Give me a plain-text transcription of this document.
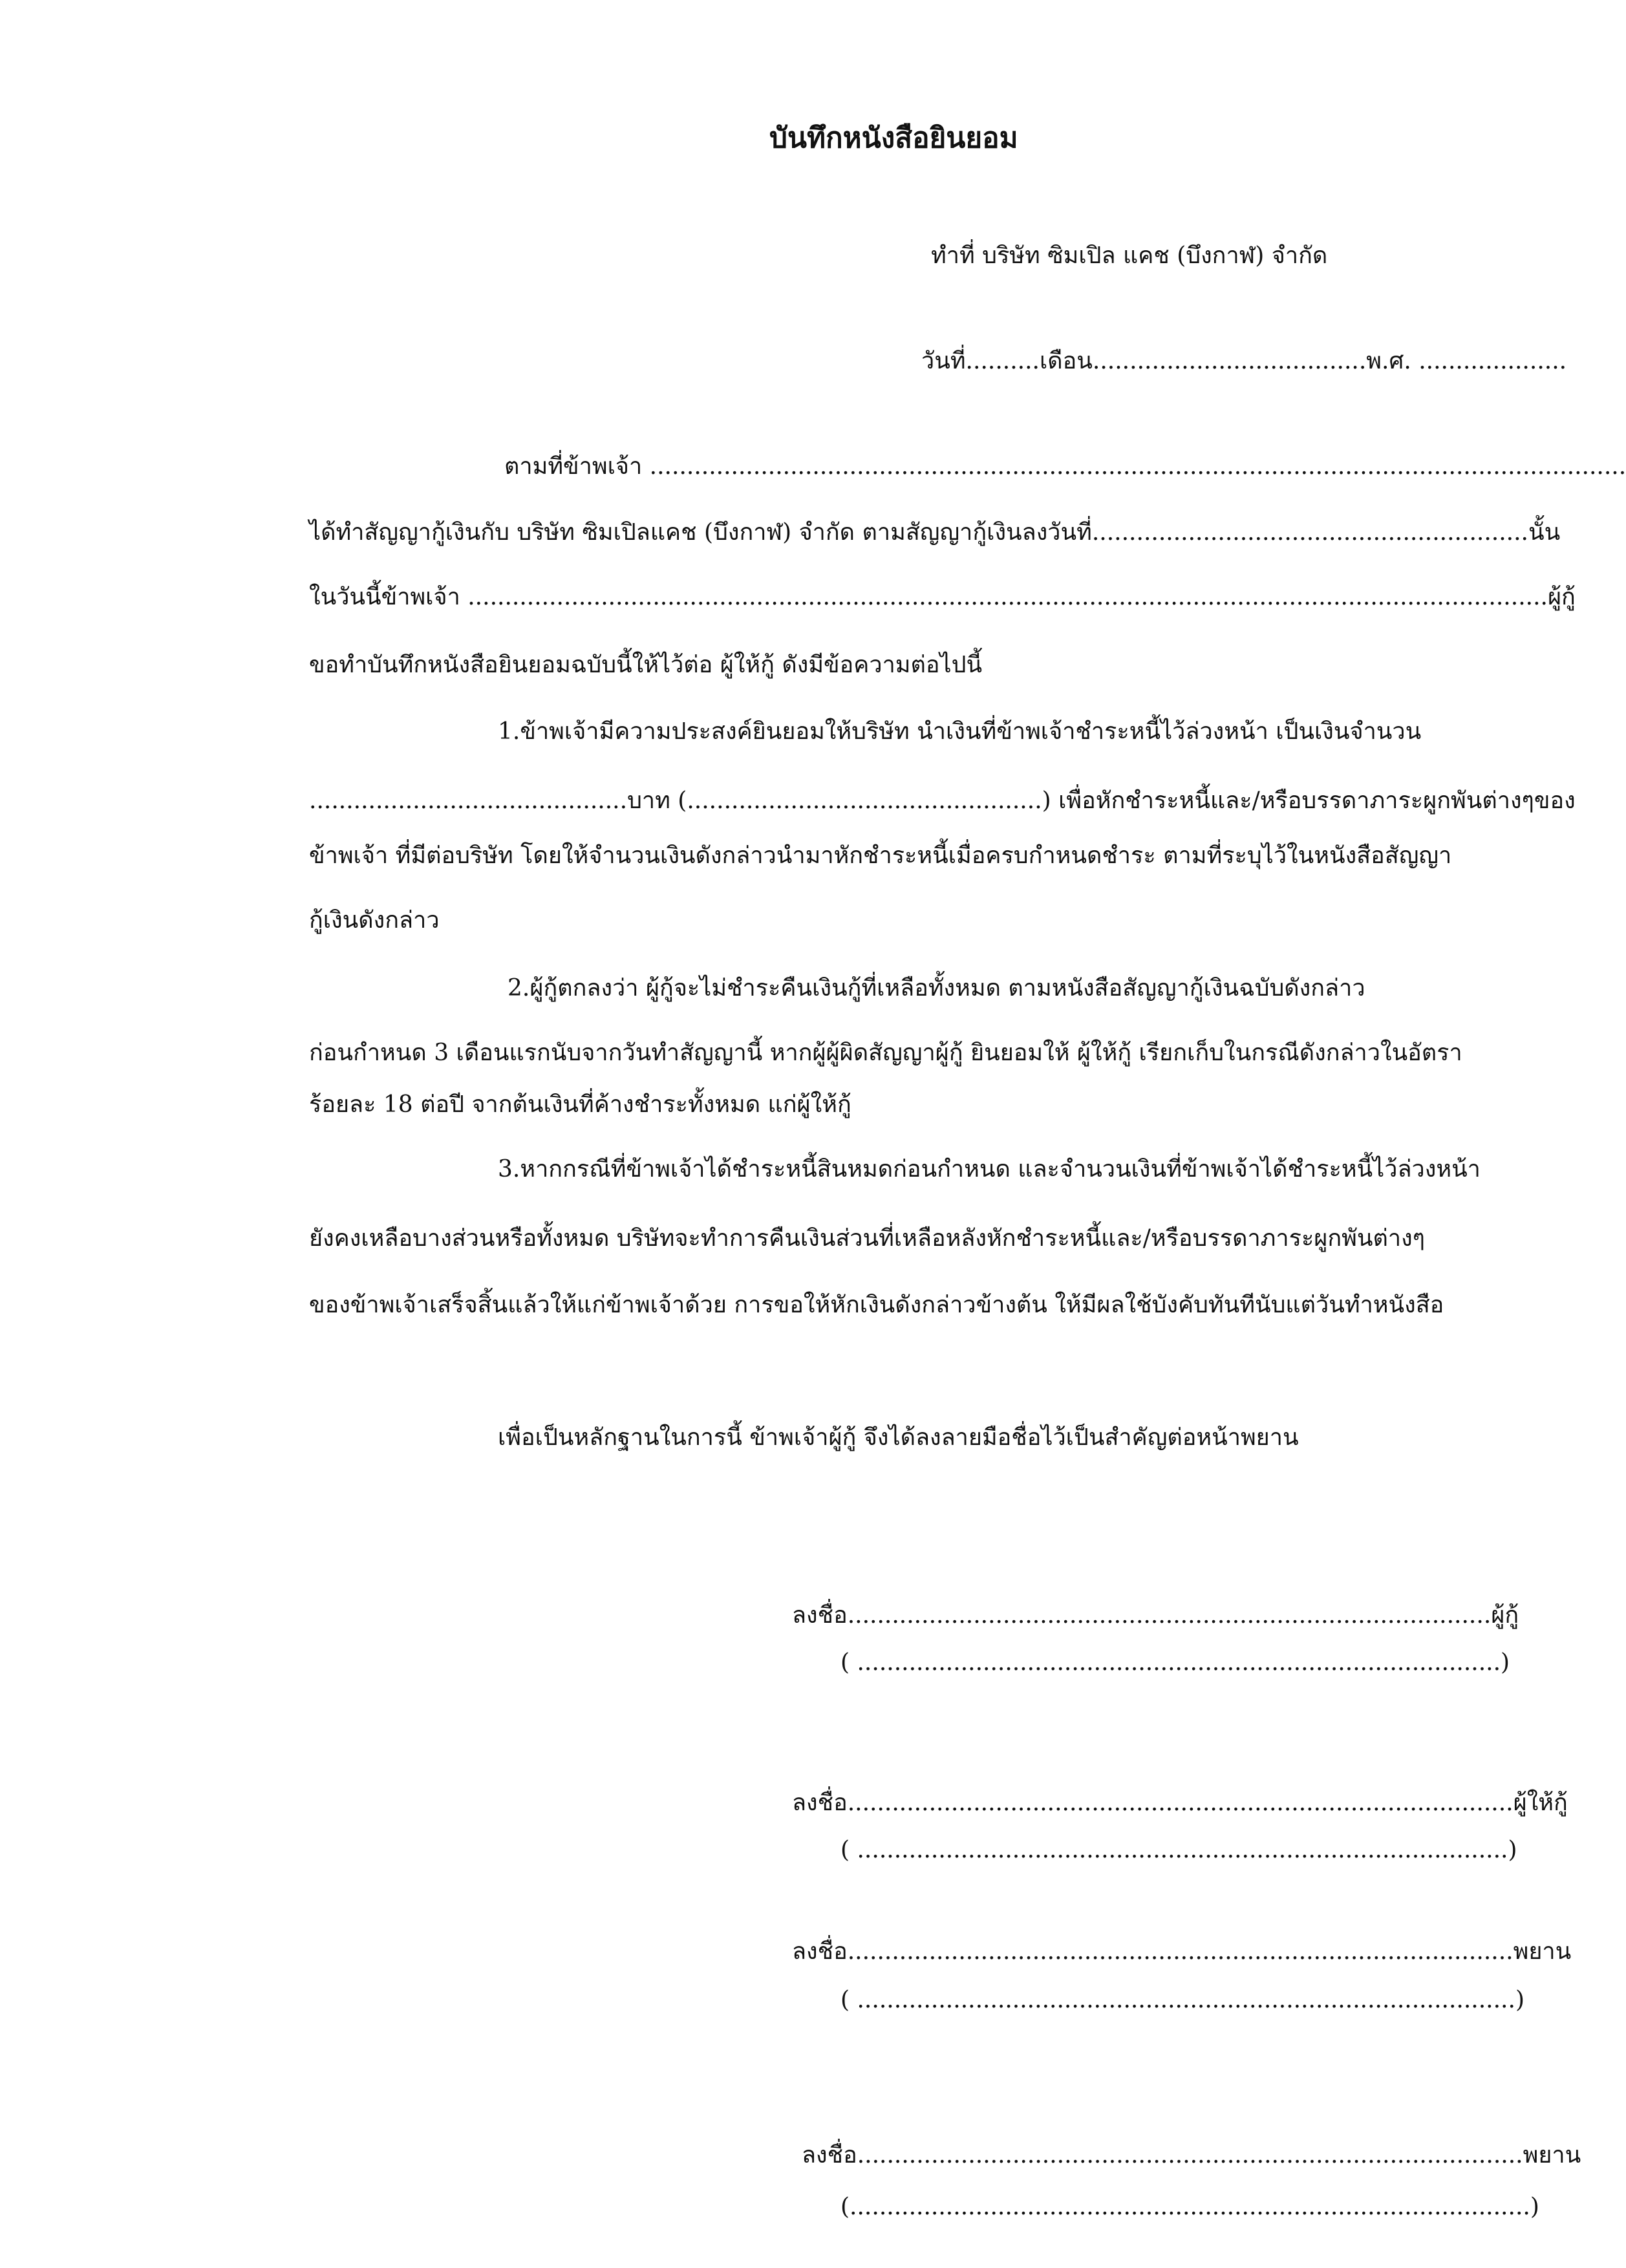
บันทึกหนังสือยินยอม
ทำที่ บริษัท ซิมเปิล แคช (บึงกาฬ) จำกัด
วันที่..........เดือน.....................................พ.ศ. ....................
ตามที่ข้าพเจ้า ....................................................................................................................................
ได้ทำสัญญากู้เงินกับ บริษัท ซิมเปิลแคช (บึงกาฬ) จำกัด ตามสัญญากู้เงินลงวันที่...........................................................นั้น
ในวันนี้ข้าพเจ้า ..................................................................................................................................................ผู้กู้
ขอทำบันทึกหนังสือยินยอมฉบับนี้ให้ไว้ต่อ ผู้ให้กู้ ดังมีข้อความต่อไปนี้
1.ข้าพเจ้ามีความประสงค์ยินยอมให้บริษัท นำเงินที่ข้าพเจ้าชำระหนี้ไว้ล่วงหน้า เป็นเงินจำนวน
...........................................บาท (................................................) เพื่อหักชำระหนี้และ/หรือบรรดาภาระผูกพันต่างๆของ
ข้าพเจ้า ที่มีต่อบริษัท โดยให้จำนวนเงินดังกล่าวนำมาหักชำระหนี้เมื่อครบกำหนดชำระ ตามที่ระบุไว้ในหนังสือสัญญา
กู้เงินดังกล่าว
2.ผู้กู้ตกลงว่า ผู้กู้จะไม่ชำระคืนเงินกู้ที่เหลือทั้งหมด ตามหนังสือสัญญากู้เงินฉบับดังกล่าว
ก่อนกำหนด 3 เดือนแรกนับจากวันทำสัญญานี้ หากผู้ผู้ผิดสัญญาผู้กู้ ยินยอมให้ ผู้ให้กู้ เรียกเก็บในกรณีดังกล่าวในอัตรา
ร้อยละ 18 ต่อปี จากต้นเงินที่ค้างชำระทั้งหมด แก่ผู้ให้กู้
3.หากกรณีที่ข้าพเจ้าได้ชำระหนี้สินหมดก่อนกำหนด และจำนวนเงินที่ข้าพเจ้าได้ชำระหนี้ไว้ล่วงหน้า
ยังคงเหลือบางส่วนหรือทั้งหมด บริษัทจะทำการคืนเงินส่วนที่เหลือหลังหักชำระหนี้และ/หรือบรรดาภาระผูกพันต่างๆ
ของข้าพเจ้าเสร็จสิ้นแล้วให้แก่ข้าพเจ้าด้วย การขอให้หักเงินดังกล่าวข้างต้น ให้มีผลใช้บังคับทันทีนับแต่วันทำหนังสือ
เพื่อเป็นหลักฐานในการนี้ ข้าพเจ้าผู้กู้ จึงได้ลงลายมือชื่อไว้เป็นสำคัญต่อหน้าพยาน
ลงชื่อ.......................................................................................ผู้กู้
( .......................................................................................)
ลงชื่อ..........................................................................................ผู้ให้กู้
( ........................................................................................)
ลงชื่อ..........................................................................................พยาน
( .........................................................................................)
ลงชื่อ..........................................................................................พยาน
(............................................................................................)
